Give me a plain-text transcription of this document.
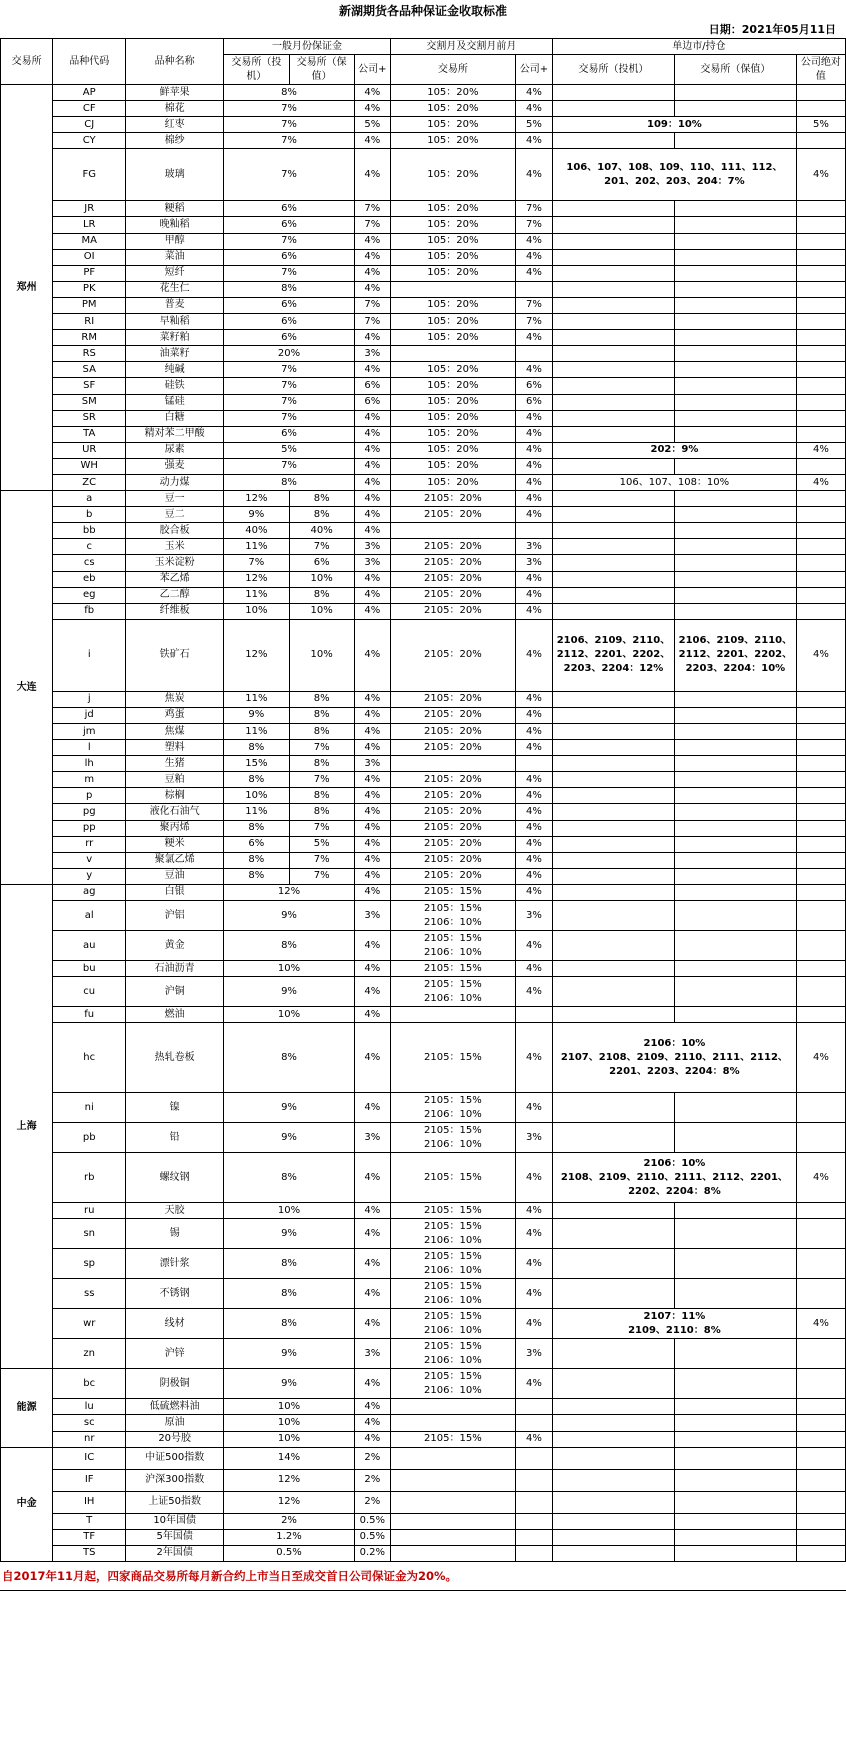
新湖期货各品种保证金收取标准
日期：2021年05月11日
交易所	品种代码	品种名称	一般月份保证金			交割月及交割月前月		单边市/持仓		
			交易所（投机）	交易所（保值）	公司+	交易所	公司+	交易所（投机）	交易所（保值）	公司绝对值
郑州	AP	鲜苹果	8%		4%	105：20%	4%			
	CF	棉花	7%		4%	105：20%	4%			
	CJ	红枣	7%		5%	105：20%	5%	109：10%		5%
	CY	棉纱	7%		4%	105：20%	4%			
	FG	玻璃	7%		4%	105：20%	4%	106、107、108、109、110、111、112、201、202、203、204：7%		4%
	JR	粳稻	6%		7%	105：20%	7%			
	LR	晚籼稻	6%		7%	105：20%	7%			
	MA	甲醇	7%		4%	105：20%	4%			
	OI	菜油	6%		4%	105：20%	4%			
	PF	短纤	7%		4%	105：20%	4%			
	PK	花生仁	8%		4%					
	PM	普麦	6%		7%	105：20%	7%			
	RI	早籼稻	6%		7%	105：20%	7%			
	RM	菜籽粕	6%		4%	105：20%	4%			
	RS	油菜籽	20%		3%					
	SA	纯碱	7%		4%	105：20%	4%			
	SF	硅铁	7%		6%	105：20%	6%			
	SM	锰硅	7%		6%	105：20%	6%			
	SR	白糖	7%		4%	105：20%	4%			
	TA	精对苯二甲酸	6%		4%	105：20%	4%			
	UR	尿素	5%		4%	105：20%	4%	202：9%		4%
	WH	强麦	7%		4%	105：20%	4%			
	ZC	动力煤	8%		4%	105：20%	4%	106、107、108：10%		4%
大连	a	豆一	12%	8%	4%	2105：20%	4%			
	b	豆二	9%	8%	4%	2105：20%	4%			
	bb	胶合板	40%	40%	4%					
	c	玉米	11%	7%	3%	2105：20%	3%			
	cs	玉米淀粉	7%	6%	3%	2105：20%	3%			
	eb	苯乙烯	12%	10%	4%	2105：20%	4%			
	eg	乙二醇	11%	8%	4%	2105：20%	4%			
	fb	纤维板	10%	10%	4%	2105：20%	4%			
	i	铁矿石	12%	10%	4%	2105：20%	4%	2106、2109、2110、2112、2201、2202、2203、2204：12%	2106、2109、2110、2112、2201、2202、2203、2204：10%	4%
	j	焦炭	11%	8%	4%	2105：20%	4%			
	jd	鸡蛋	9%	8%	4%	2105：20%	4%			
	jm	焦煤	11%	8%	4%	2105：20%	4%			
	l	塑料	8%	7%	4%	2105：20%	4%			
	lh	生猪	15%	8%	3%					
	m	豆粕	8%	7%	4%	2105：20%	4%			
	p	棕榈	10%	8%	4%	2105：20%	4%			
	pg	液化石油气	11%	8%	4%	2105：20%	4%			
	pp	聚丙烯	8%	7%	4%	2105：20%	4%			
	rr	粳米	6%	5%	4%	2105：20%	4%			
	v	聚氯乙烯	8%	7%	4%	2105：20%	4%			
	y	豆油	8%	7%	4%	2105：20%	4%			
上海	ag	白银	12%		4%	2105：15%	4%			
	al	沪铝	9%		3%	2105：15%
2106：10%	3%			
	au	黄金	8%		4%	2105：15%
2106：10%	4%			
	bu	石油沥青	10%		4%	2105：15%	4%			
	cu	沪铜	9%		4%	2105：15%
2106：10%	4%			
	fu	燃油	10%		4%					
	hc	热轧卷板	8%		4%	2105：15%	4%	2106：10%
2107、2108、2109、2110、2111、2112、2201、2203、2204：8%		4%
	ni	镍	9%		4%	2105：15%
2106：10%	4%			
	pb	铅	9%		3%	2105：15%
2106：10%	3%			
	rb	螺纹钢	8%		4%	2105：15%	4%	2106：10%
2108、2109、2110、2111、2112、2201、2202、2204：8%		4%
	ru	天胶	10%		4%	2105：15%	4%			
	sn	锡	9%		4%	2105：15%
2106：10%	4%			
	sp	漂针浆	8%		4%	2105：15%
2106：10%	4%			
	ss	不锈钢	8%		4%	2105：15%
2106：10%	4%			
	wr	线材	8%		4%	2105：15%
2106：10%	4%	2107：11%
2109、2110：8%		4%
	zn	沪锌	9%		3%	2105：15%
2106：10%	3%			
能源	bc	阴极铜	9%		4%	2105：15%
2106：10%	4%			
	lu	低硫燃料油	10%		4%					
	sc	原油	10%		4%					
	nr	20号胶	10%		4%	2105：15%	4%			
中金	IC	中证500指数	14%		2%					
	IF	沪深300指数	12%		2%					
	IH	上证50指数	12%		2%					
	T	10年国债	2%		0.5%					
	TF	5年国债	1.2%		0.5%					
	TS	2年国债	0.5%		0.2%					
自2017年11月起，四家商品交易所每月新合约上市当日至成交首日公司保证金为20%。
